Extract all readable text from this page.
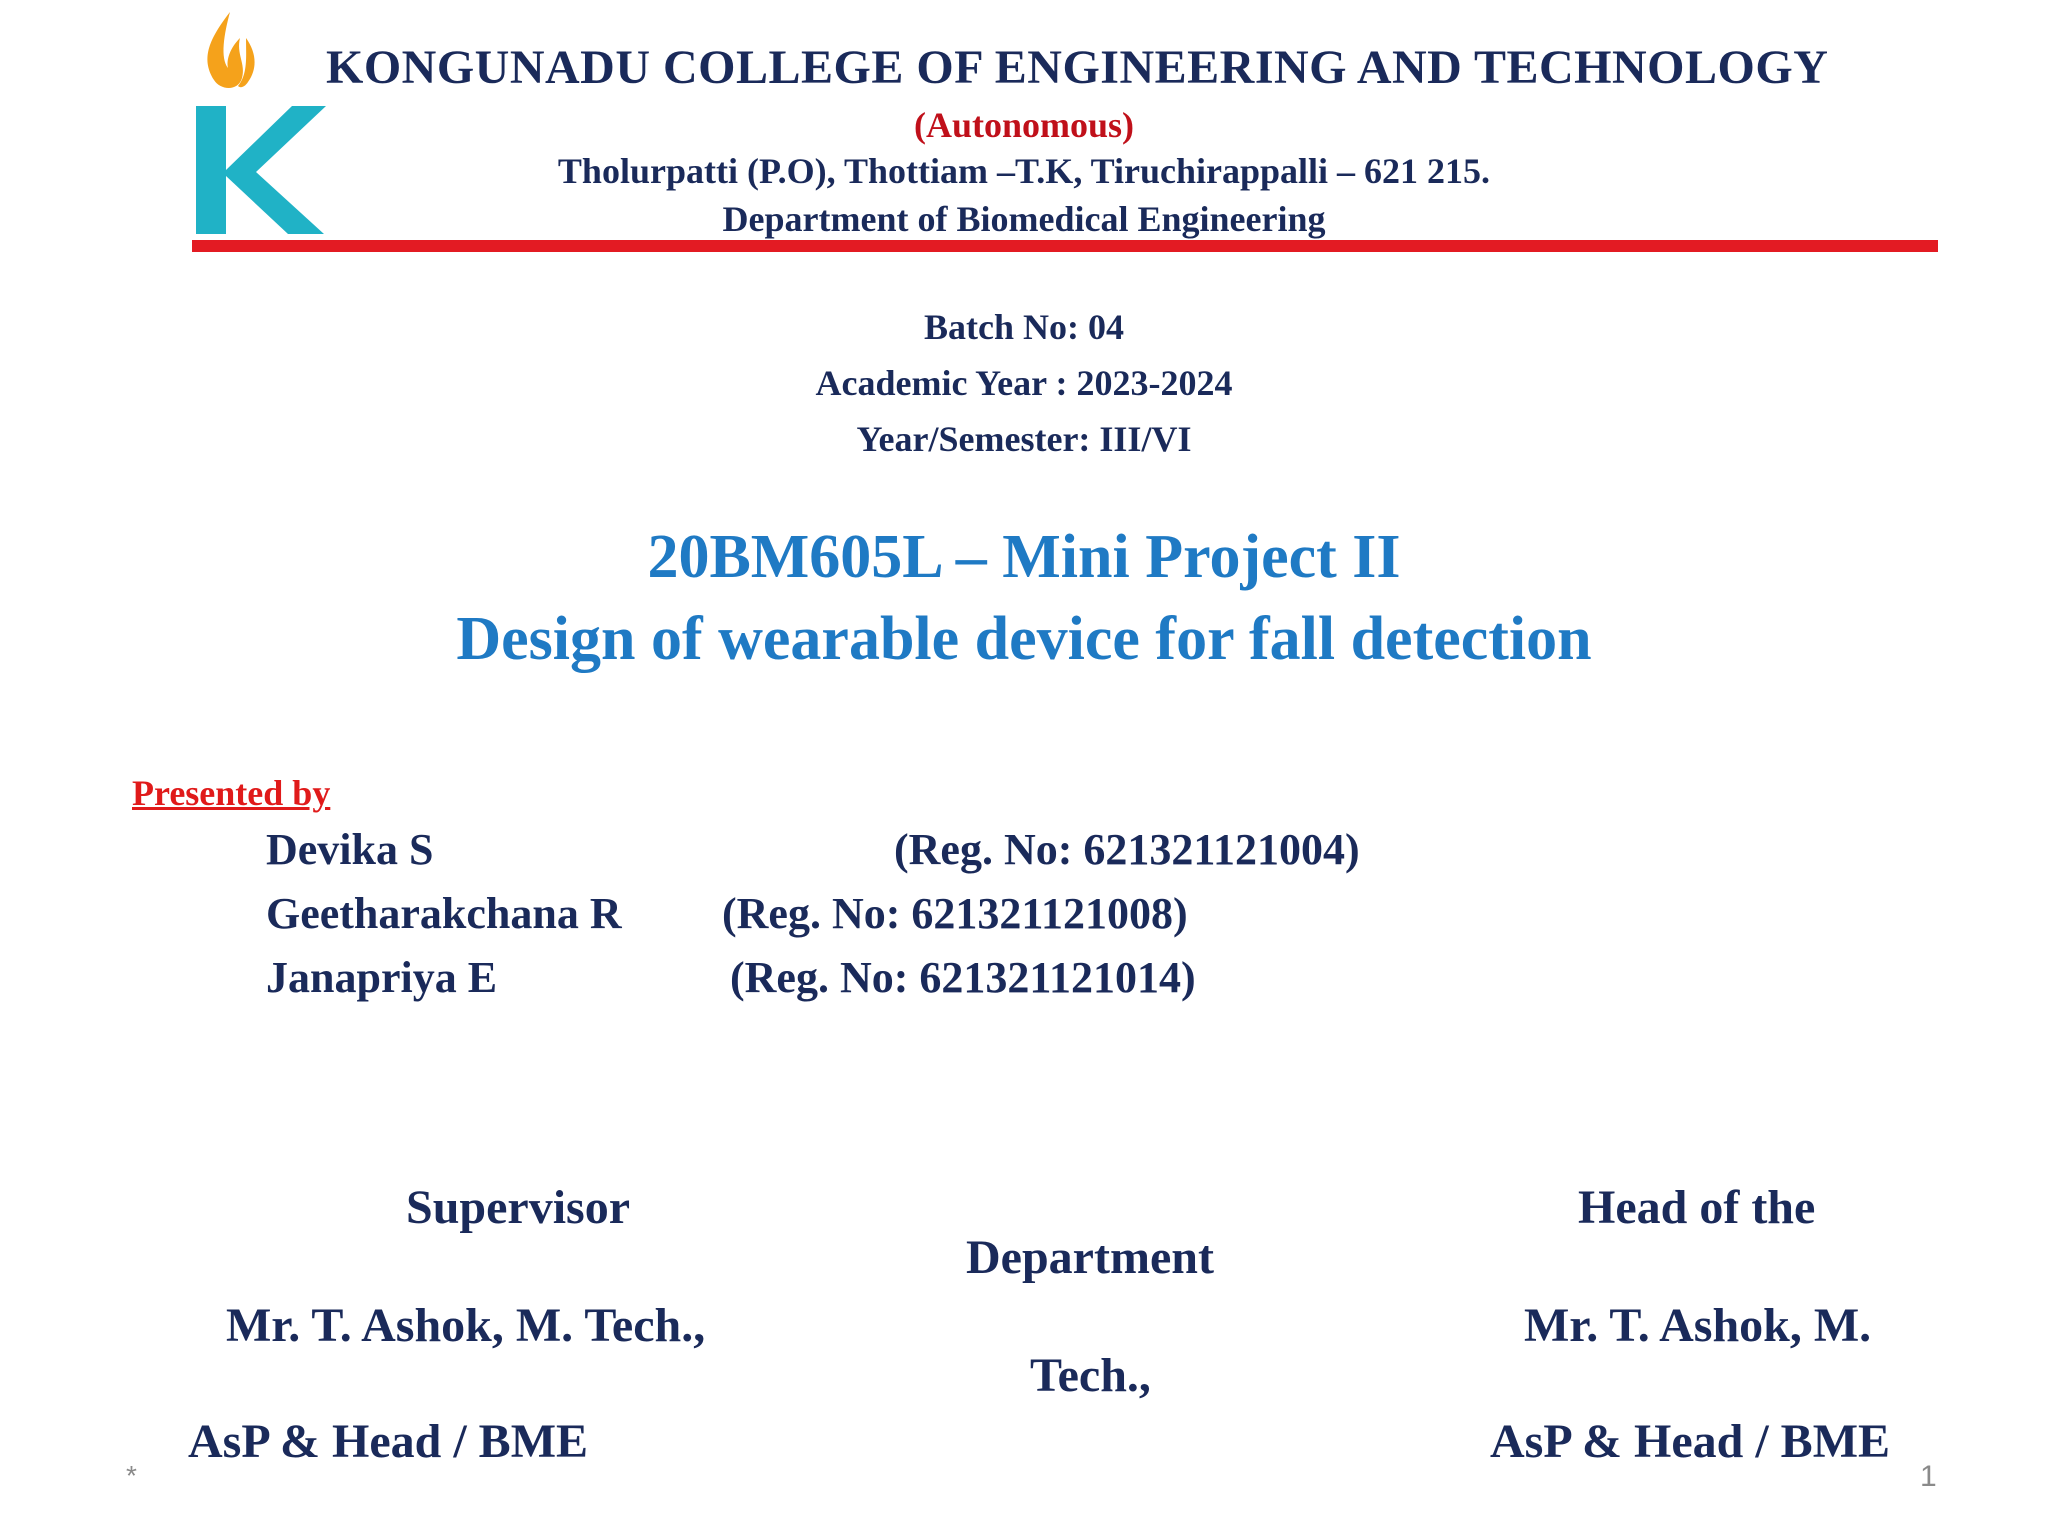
KONGUNADU COLLEGE OF ENGINEERING AND TECHNOLOGY
(Autonomous)
Tholurpatti (P.O), Thottiam –T.K, Tiruchirappalli – 621 215.
Department of Biomedical Engineering
Batch No: 04
Academic Year : 2023-2024
Year/Semester: III/VI
20BM605L – Mini Project II
Design of wearable device for fall detection
Presented by
Devika S	(Reg. No: 621321121004)
Geetharakchana R (Reg. No: 621321121008)
Janapriya E	(Reg. No: 621321121014)
Supervisor
Mr. T. Ashok, M. Tech.,
AsP & Head / BME
Head of the
Department
Mr. T. Ashok, M.
Tech.,
AsP & Head / BME
*	1
